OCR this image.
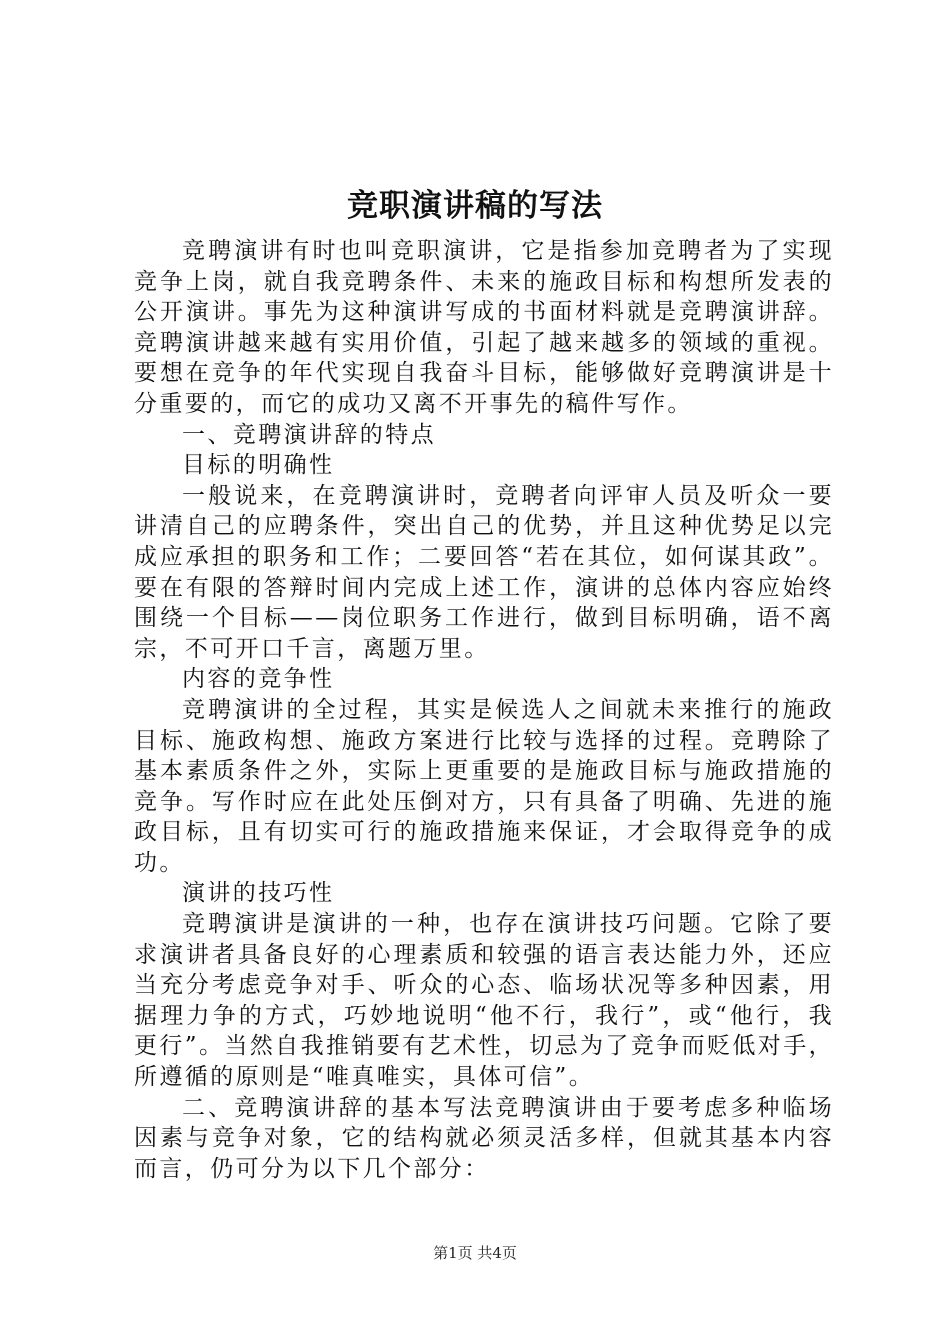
竞职演讲稿的写法

竞聘演讲有时也叫竞职演讲，它是指参加竞聘者为了实现竞争上岗，就自我竞聘条件、未来的施政目标和构想所发表的公开演讲。事先为这种演讲写成的书面材料就是竞聘演讲辞。竞聘演讲越来越有实用价值，引起了越来越多的领域的重视。要想在竞争的年代实现自我奋斗目标，能够做好竞聘演讲是十分重要的，而它的成功又离不开事先的稿件写作。

一、竞聘演讲辞的特点

目标的明确性

一般说来，在竞聘演讲时，竞聘者向评审人员及听众一要讲清自己的应聘条件，突出自己的优势，并且这种优势足以完成应承担的职务和工作；二要回答“若在其位，如何谋其政”。要在有限的答辩时间内完成上述工作，演讲的总体内容应始终围绕一个目标——岗位职务工作进行，做到目标明确，语不离宗，不可开口千言，离题万里。

内容的竞争性

竞聘演讲的全过程，其实是候选人之间就未来推行的施政目标、施政构想、施政方案进行比较与选择的过程。竞聘除了基本素质条件之外，实际上更重要的是施政目标与施政措施的竞争。写作时应在此处压倒对方，只有具备了明确、先进的施政目标，且有切实可行的施政措施来保证，才会取得竞争的成功。

演讲的技巧性

竞聘演讲是演讲的一种，也存在演讲技巧问题。它除了要求演讲者具备良好的心理素质和较强的语言表达能力外，还应当充分考虑竞争对手、听众的心态、临场状况等多种因素，用据理力争的方式，巧妙地说明“他不行，我行”，或“他行，我更行”。当然自我推销要有艺术性，切忌为了竞争而贬低对手，所遵循的原则是“唯真唯实，具体可信”。

二、竞聘演讲辞的基本写法竞聘演讲由于要考虑多种临场因素与竞争对象，它的结构就必须灵活多样，但就其基本内容而言，仍可分为以下几个部分：

第1页 共4页
